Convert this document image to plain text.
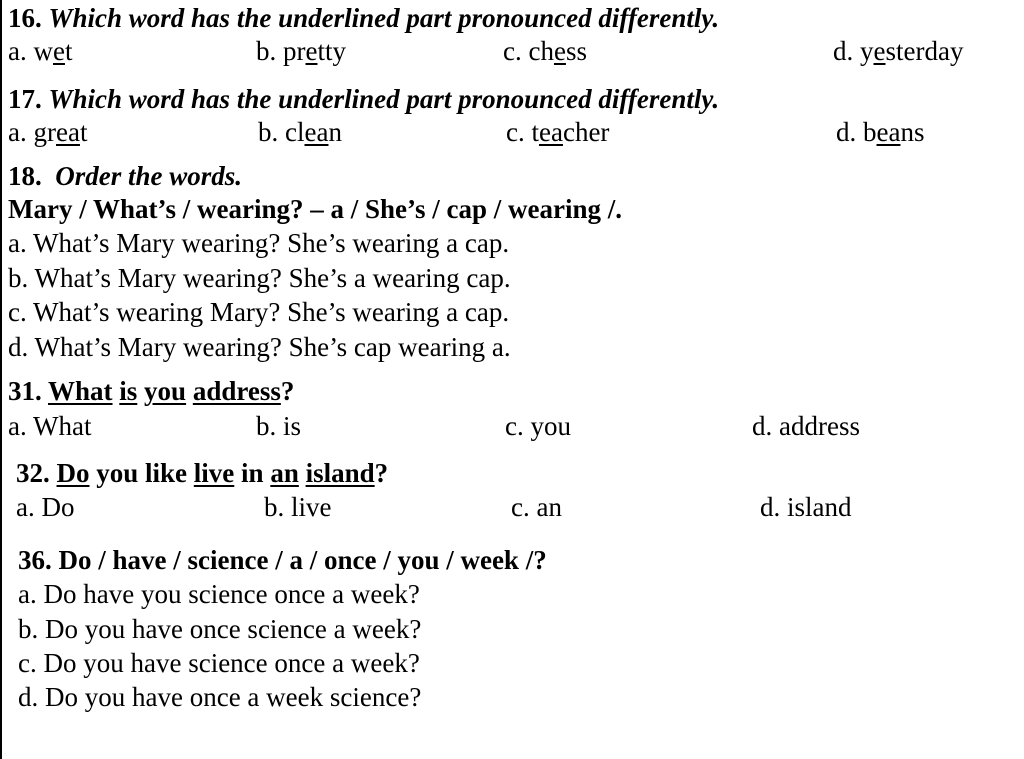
16. Which word has the underlined part pronounced differently.
a. wet	b. pretty	c. chess	d. yesterday
17. Which word has the underlined part pronounced differently.
a. great	b. clean	c. teacher	d. beans
18. Order the words.
Mary / What’s / wearing? – a / She’s / cap / wearing /.
a. What’s Mary wearing? She’s wearing a cap.
b. What’s Mary wearing? She’s a wearing cap.
c. What’s wearing Mary? She’s wearing a cap.
d. What’s Mary wearing? She’s cap wearing a.
31. What is you address?
a. What	b. is	c. you	d. address
32. Do you like live in an island?
a. Do	b. live	c. an	d. island
36. Do / have / science / a / once / you / week /?
a. Do have you science once a week?
b. Do you have once science a week?
c. Do you have science once a week?
d. Do you have once a week science?
